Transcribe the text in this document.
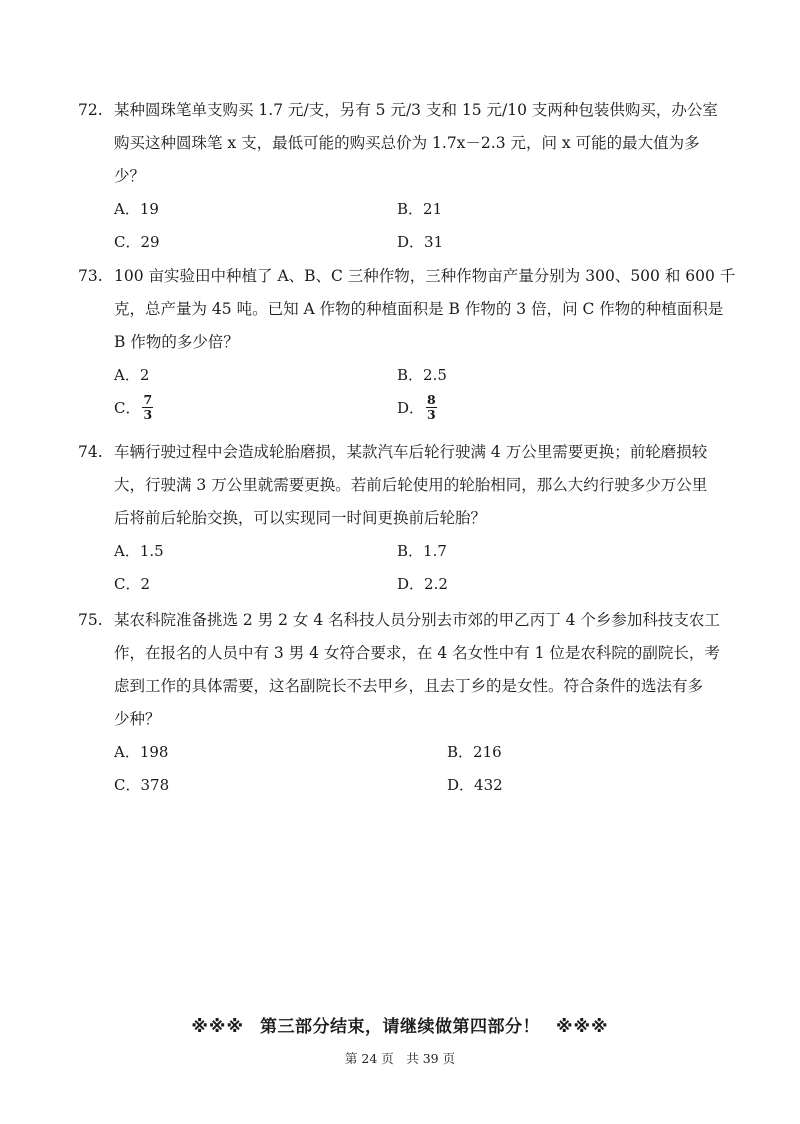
72. 某种圆珠笔单支购买 1.7 元/支，另有 5 元/3 支和 15 元/10 支两种包装供购买，办公室
购买这种圆珠笔 x 支，最低可能的购买总价为 1.7x－2.3 元，问 x 可能的最大值为多
少？
A．19	B．21
C．29	D．31
73. 100 亩实验田中种植了 A、B、C 三种作物，三种作物亩产量分别为 300、500 和 600 千
克，总产量为 45 吨。已知 A 作物的种植面积是 B 作物的 3 倍，问 C 作物的种植面积是
B 作物的多少倍？
A．2	B．2.5
C． $\frac{7}{3}$	D． $\frac{8}{3}$
74. 车辆行驶过程中会造成轮胎磨损，某款汽车后轮行驶满 4 万公里需要更换；前轮磨损较
大，行驶满 3 万公里就需要更换。若前后轮使用的轮胎相同，那么大约行驶多少万公里
后将前后轮胎交换，可以实现同一时间更换前后轮胎？
A．1.5	B．1.7
C．2	D．2.2
75. 某农科院准备挑选 2 男 2 女 4 名科技人员分别去市郊的甲乙丙丁 4 个乡参加科技支农工
作，在报名的人员中有 3 男 4 女符合要求，在 4 名女性中有 1 位是农科院的副院长，考
虑到工作的具体需要，这名副院长不去甲乡，且去丁乡的是女性。符合条件的选法有多
少种？
A．198	B．216
C．378	D．432
※※※ 第三部分结束，请继续做第四部分！ ※※※
第 24 页　共 39 页
